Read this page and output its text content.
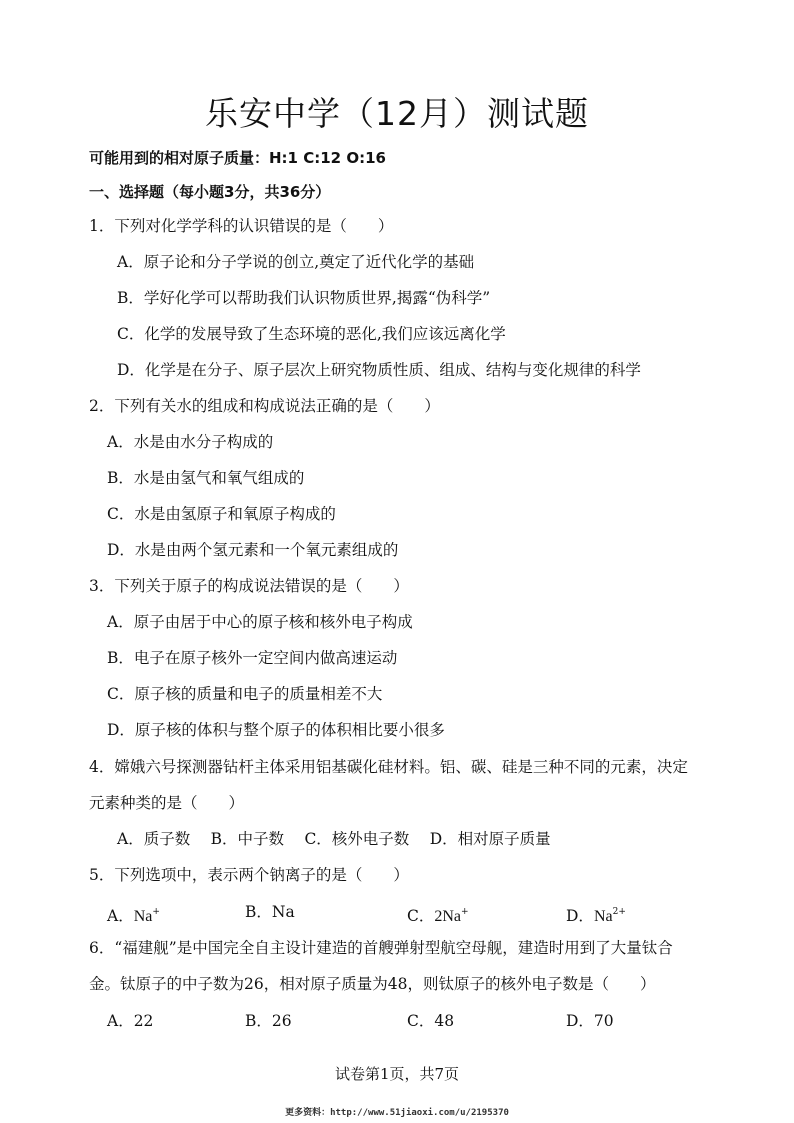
乐安中学（12月）测试题
可能用到的相对原子质量：H:1 C:12 O:16
一、选择题（每小题3分，共36分）
1．下列对化学学科的认识错误的是（　　）
A．原子论和分子学说的创立,奠定了近代化学的基础
B．学好化学可以帮助我们认识物质世界,揭露“伪科学”
C．化学的发展导致了生态环境的恶化,我们应该远离化学
D．化学是在分子、原子层次上研究物质性质、组成、结构与变化规律的科学
2．下列有关水的组成和构成说法正确的是（　　）
A．水是由水分子构成的
B．水是由氢气和氧气组成的
C．水是由氢原子和氧原子构成的
D．水是由两个氢元素和一个氧元素组成的
3．下列关于原子的构成说法错误的是（　　）
A．原子由居于中心的原子核和核外电子构成
B．电子在原子核外一定空间内做高速运动
C．原子核的质量和电子的质量相差不大
D．原子核的体积与整个原子的体积相比要小很多
4．嫦娥六号探测器钻杆主体采用铝基碳化硅材料。铝、碳、硅是三种不同的元素，决定
元素种类的是（　　）
A．质子数　 B．中子数　 C．核外电子数　 D．相对原子质量
5．下列选项中，表示两个钠离子的是（　　）
A．Na+	B．Na	C．2Na+	D．$Na^{2+}$
6．“福建舰”是中国完全自主设计建造的首艘弹射型航空母舰，建造时用到了大量钛合
金。钛原子的中子数为26，相对原子质量为48，则钛原子的核外电子数是（　　）
A．22	B．26	C．48	D．70
试卷第1页，共7页
更多资料：http://www.51jiaoxi.com/u/2195370
